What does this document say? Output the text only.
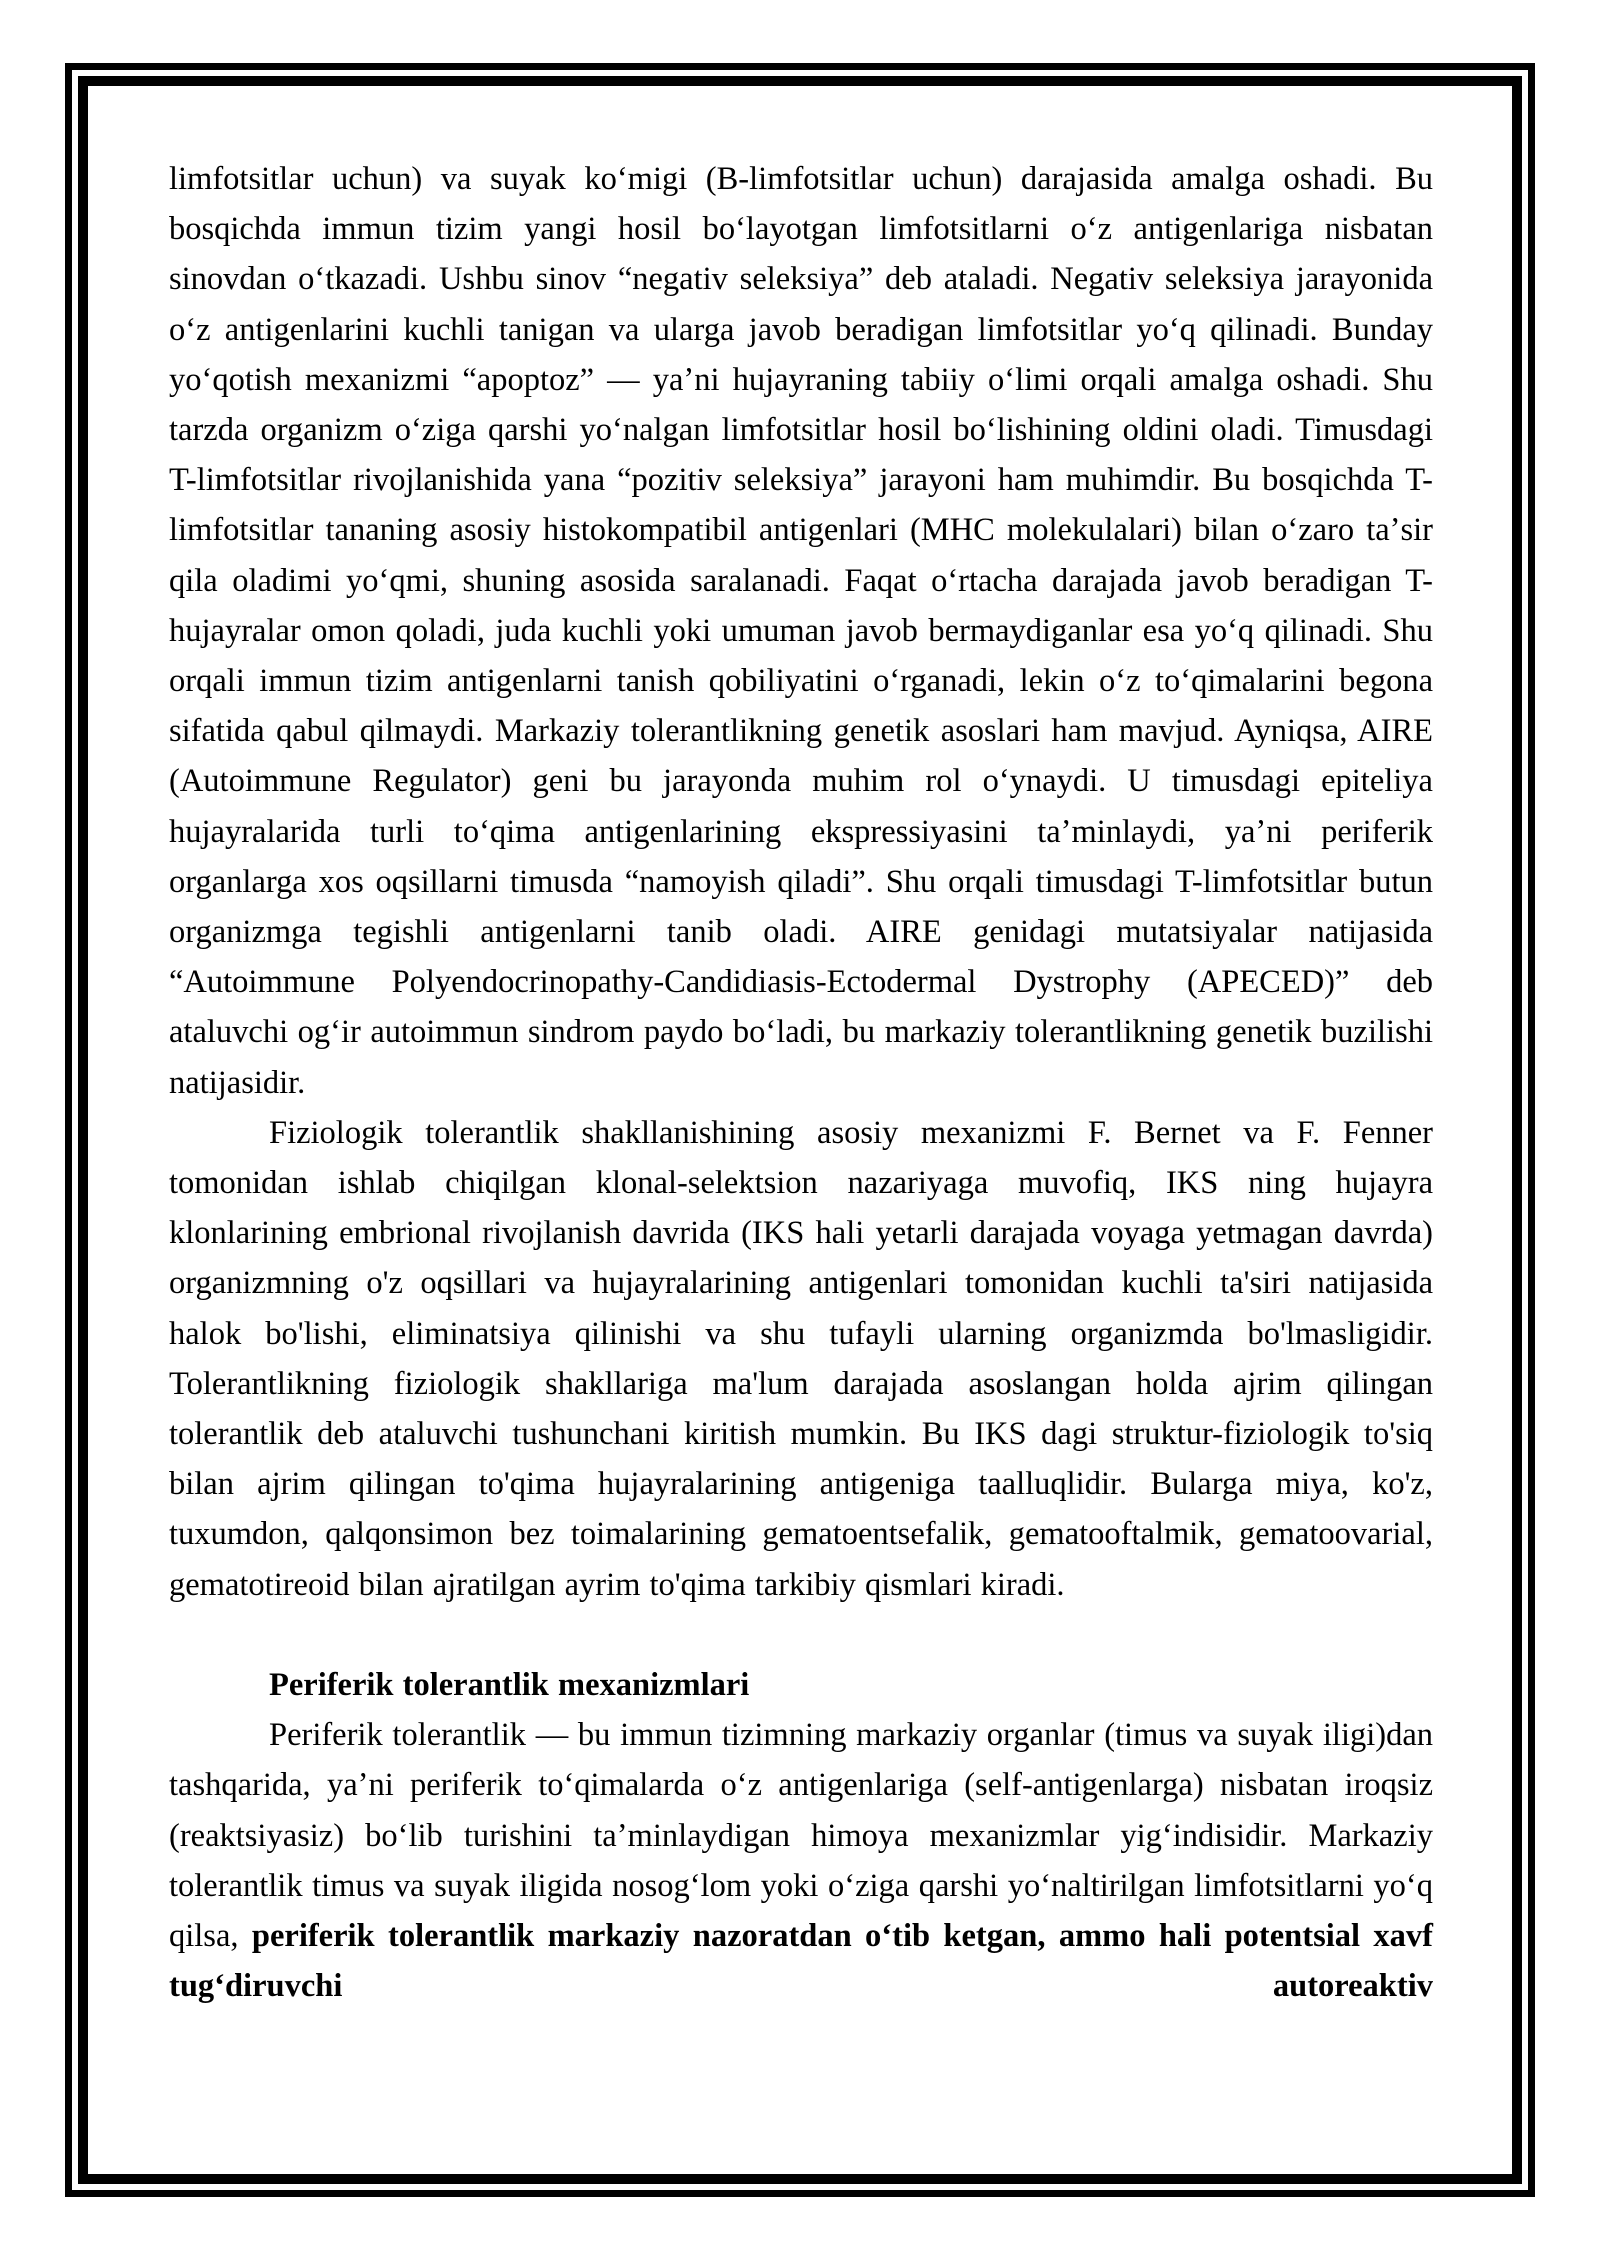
limfotsitlar uchun) va suyak koʻmigi (B-limfotsitlar uchun) darajasida amalga oshadi. Bu bosqichda immun tizim yangi hosil boʻlayotgan limfotsitlarni oʻz antigenlariga nisbatan sinovdan oʻtkazadi. Ushbu sinov “negativ seleksiya” deb ataladi. Negativ seleksiya jarayonida oʻz antigenlarini kuchli tanigan va ularga javob beradigan limfotsitlar yoʻq qilinadi. Bunday yoʻqotish mexanizmi “apoptoz” — yaʼni hujayraning tabiiy oʻlimi orqali amalga oshadi. Shu tarzda organizm oʻziga qarshi yoʻnalgan limfotsitlar hosil boʻlishining oldini oladi. Timusdagi T-limfotsitlar rivojlanishida yana “pozitiv seleksiya” jarayoni ham muhimdir. Bu bosqichda T-limfotsitlar tananing asosiy histokompatibil antigenlari (MHC molekulalari) bilan oʻzaro taʼsir qila oladimi yoʻqmi, shuning asosida saralanadi. Faqat oʻrtacha darajada javob beradigan T-hujayralar omon qoladi, juda kuchli yoki umuman javob bermaydiganlar esa yoʻq qilinadi. Shu orqali immun tizim antigenlarni tanish qobiliyatini oʻrganadi, lekin oʻz toʻqimalarini begona sifatida qabul qilmaydi. Markaziy tolerantlikning genetik asoslari ham mavjud. Ayniqsa, AIRE (Autoimmune Regulator) geni bu jarayonda muhim rol oʻynaydi. U timusdagi epiteliya hujayralarida turli toʻqima antigenlarining ekspressiyasini taʼminlaydi, yaʼni periferik organlarga xos oqsillarni timusda “namoyish qiladi”. Shu orqali timusdagi T-limfotsitlar butun organizmga tegishli antigenlarni tanib oladi. AIRE genidagi mutatsiyalar natijasida “Autoimmune Polyendocrinopathy-Candidiasis-Ectodermal Dystrophy (APECED)” deb ataluvchi ogʻir autoimmun sindrom paydo boʻladi, bu markaziy tolerantlikning genetik buzilishi natijasidir.

Fiziologik tolerantlik shakllanishining asosiy mexanizmi F. Bernet va F. Fenner tomonidan ishlab chiqilgan klonal-selektsion nazariyaga muvofiq, IKS ning hujayra klonlarining embrional rivojlanish davrida (IKS hali yetarli darajada voyaga yetmagan davrda) organizmning o'z oqsillari va hujayralarining antigenlari tomonidan kuchli ta'siri natijasida halok bo'lishi, eliminatsiya qilinishi va shu tufayli ularning organizmda bo'lmasligidir. Tolerantlikning fiziologik shakllariga ma'lum darajada asoslangan holda ajrim qilingan tolerantlik deb ataluvchi tushunchani kiritish mumkin. Bu IKS dagi struktur-fiziologik to'siq bilan ajrim qilingan to'qima hujayralarining antigeniga taalluqlidir. Bularga miya, ko'z, tuxumdon, qalqonsimon bez toimalarining gematoentsefalik, gematooftalmik, gematoovarial, gematotireoid bilan ajratilgan ayrim to'qima tarkibiy qismlari kiradi.

Periferik tolerantlik mexanizmlari

Periferik tolerantlik — bu immun tizimning markaziy organlar (timus va suyak iligi)dan tashqarida, yaʼni periferik toʻqimalarda oʻz antigenlariga (self-antigenlarga) nisbatan iroqsiz (reaktsiyasiz) boʻlib turishini taʼminlaydigan himoya mexanizmlar yigʻindisidir. Markaziy tolerantlik timus va suyak iligida nosogʻlom yoki oʻziga qarshi yoʻnaltirilgan limfotsitlarni yoʻq qilsa, periferik tolerantlik markaziy nazoratdan oʻtib ketgan, ammo hali potentsial xavf tugʻdiruvchi autoreaktiv
